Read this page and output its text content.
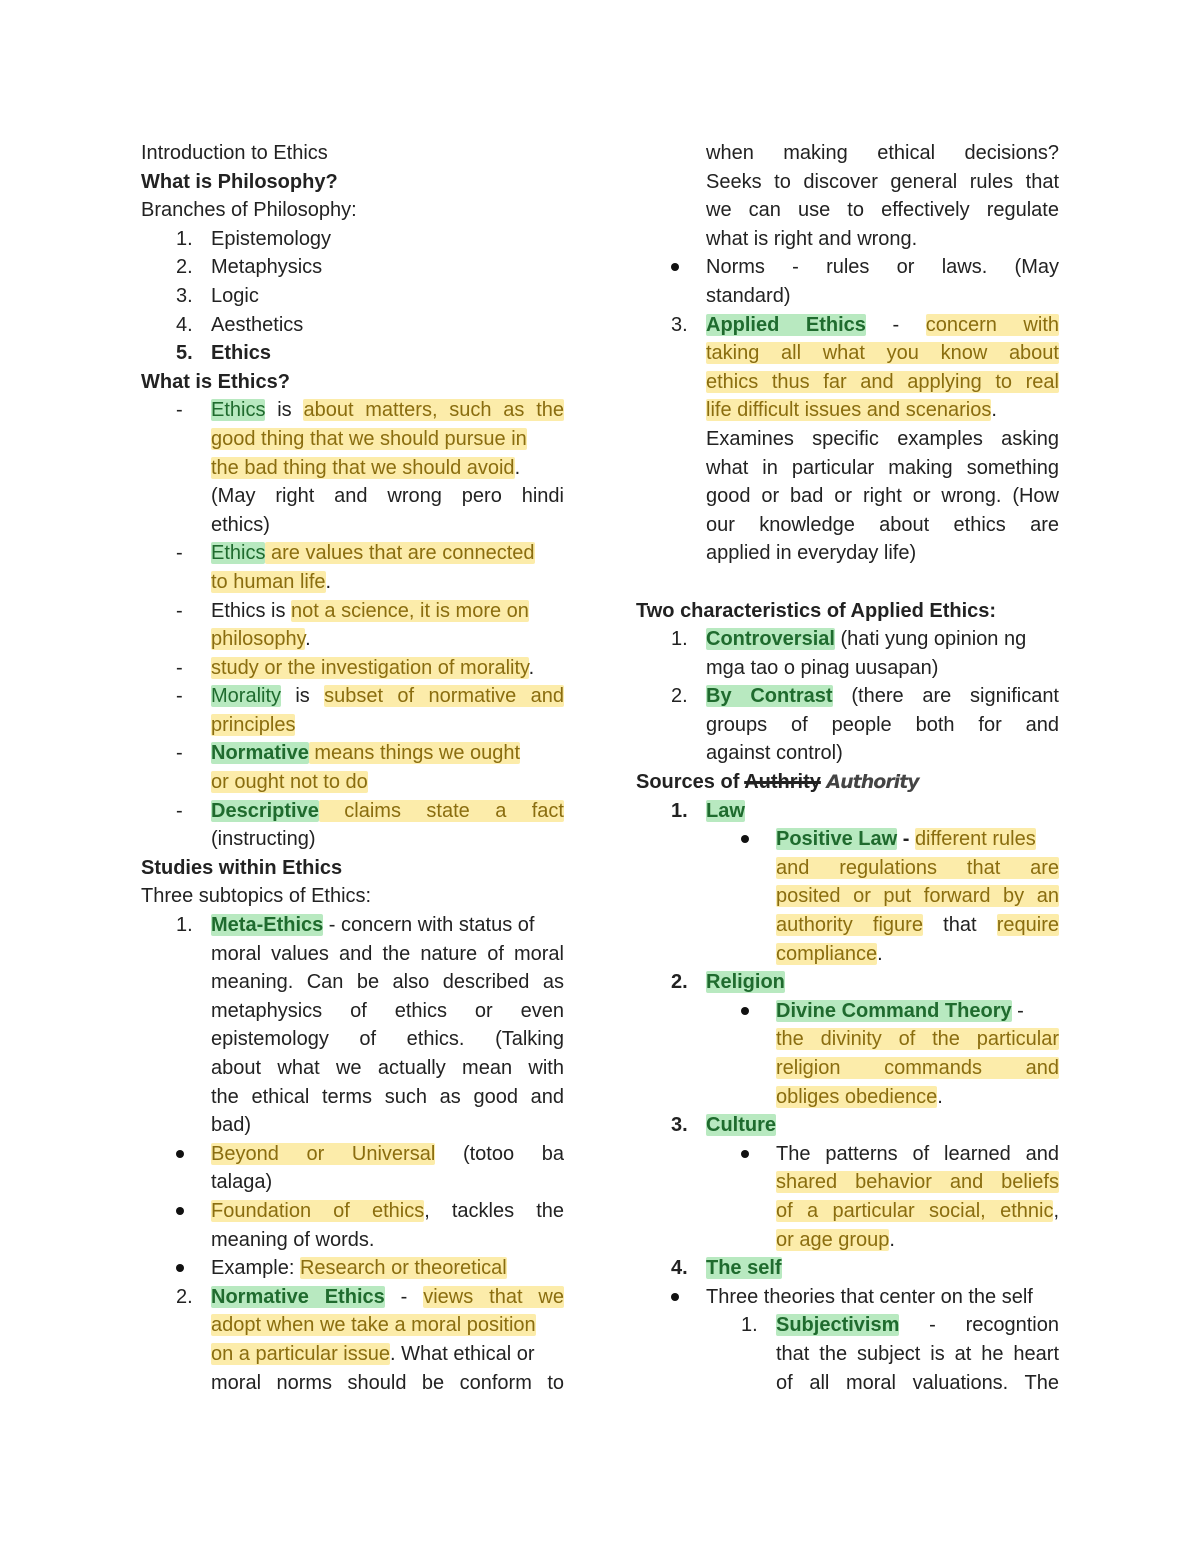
Introduction to Ethics
What is Philosophy?
Branches of Philosophy:
1. Epistemology
2. Metaphysics
3. Logic
4. Aesthetics
5. Ethics
What is Ethics?
-	Ethics is about matters, such as the
good thing that we should pursue in
the bad thing that we should avoid.
(May right and wrong pero hindi
ethics)
-	Ethics are values that are connected
to human life.
-	Ethics is not a science, it is more on
philosophy.
-	study or the investigation of morality.
-	Morality is subset of normative and
principles
-	Normative means things we ought
or ought not to do
-	Descriptive claims state a fact
(instructing)
Studies within Ethics
Three subtopics of Ethics:
1. Meta-Ethics - concern with status of
moral values and the nature of moral
meaning. Can be also described as
metaphysics of ethics or even
epistemology of ethics. (Talking
about what we actually mean with
the ethical terms such as good and
bad)
Beyond or Universal (totoo ba
talaga)
Foundation of ethics, tackles the
meaning of words.
Example: Research or theoretical
2. Normative Ethics - views that we
adopt when we take a moral position
on a particular issue. What ethical or
moral norms should be conform to
when making ethical decisions?
Seeks to discover general rules that
we can use to effectively regulate
what is right and wrong.
Norms - rules or laws. (May
standard)
3. Applied Ethics - concern with
taking all what you know about
ethics thus far and applying to real
life difficult issues and scenarios.
Examines specific examples asking
what in particular making something
good or bad or right or wrong. (How
our knowledge about ethics are
applied in everyday life)
Two characteristics of Applied Ethics:
1. Controversial (hati yung opinion ng
mga tao o pinag uusapan)
2. By Contrast (there are significant
groups of people both for and
against control)
Sources of Authrity Authority
1. Law
Positive Law - different rules
and regulations that are
posited or put forward by an
authority figure that require
compliance.
2. Religion
Divine Command Theory -
the divinity of the particular
religion commands and
obliges obedience.
3. Culture
The patterns of learned and
shared behavior and beliefs
of a particular social, ethnic,
or age group.
4. The self
Three theories that center on the self
1. Subjectivism - recogntion
that the subject is at he heart
of all moral valuations. The
